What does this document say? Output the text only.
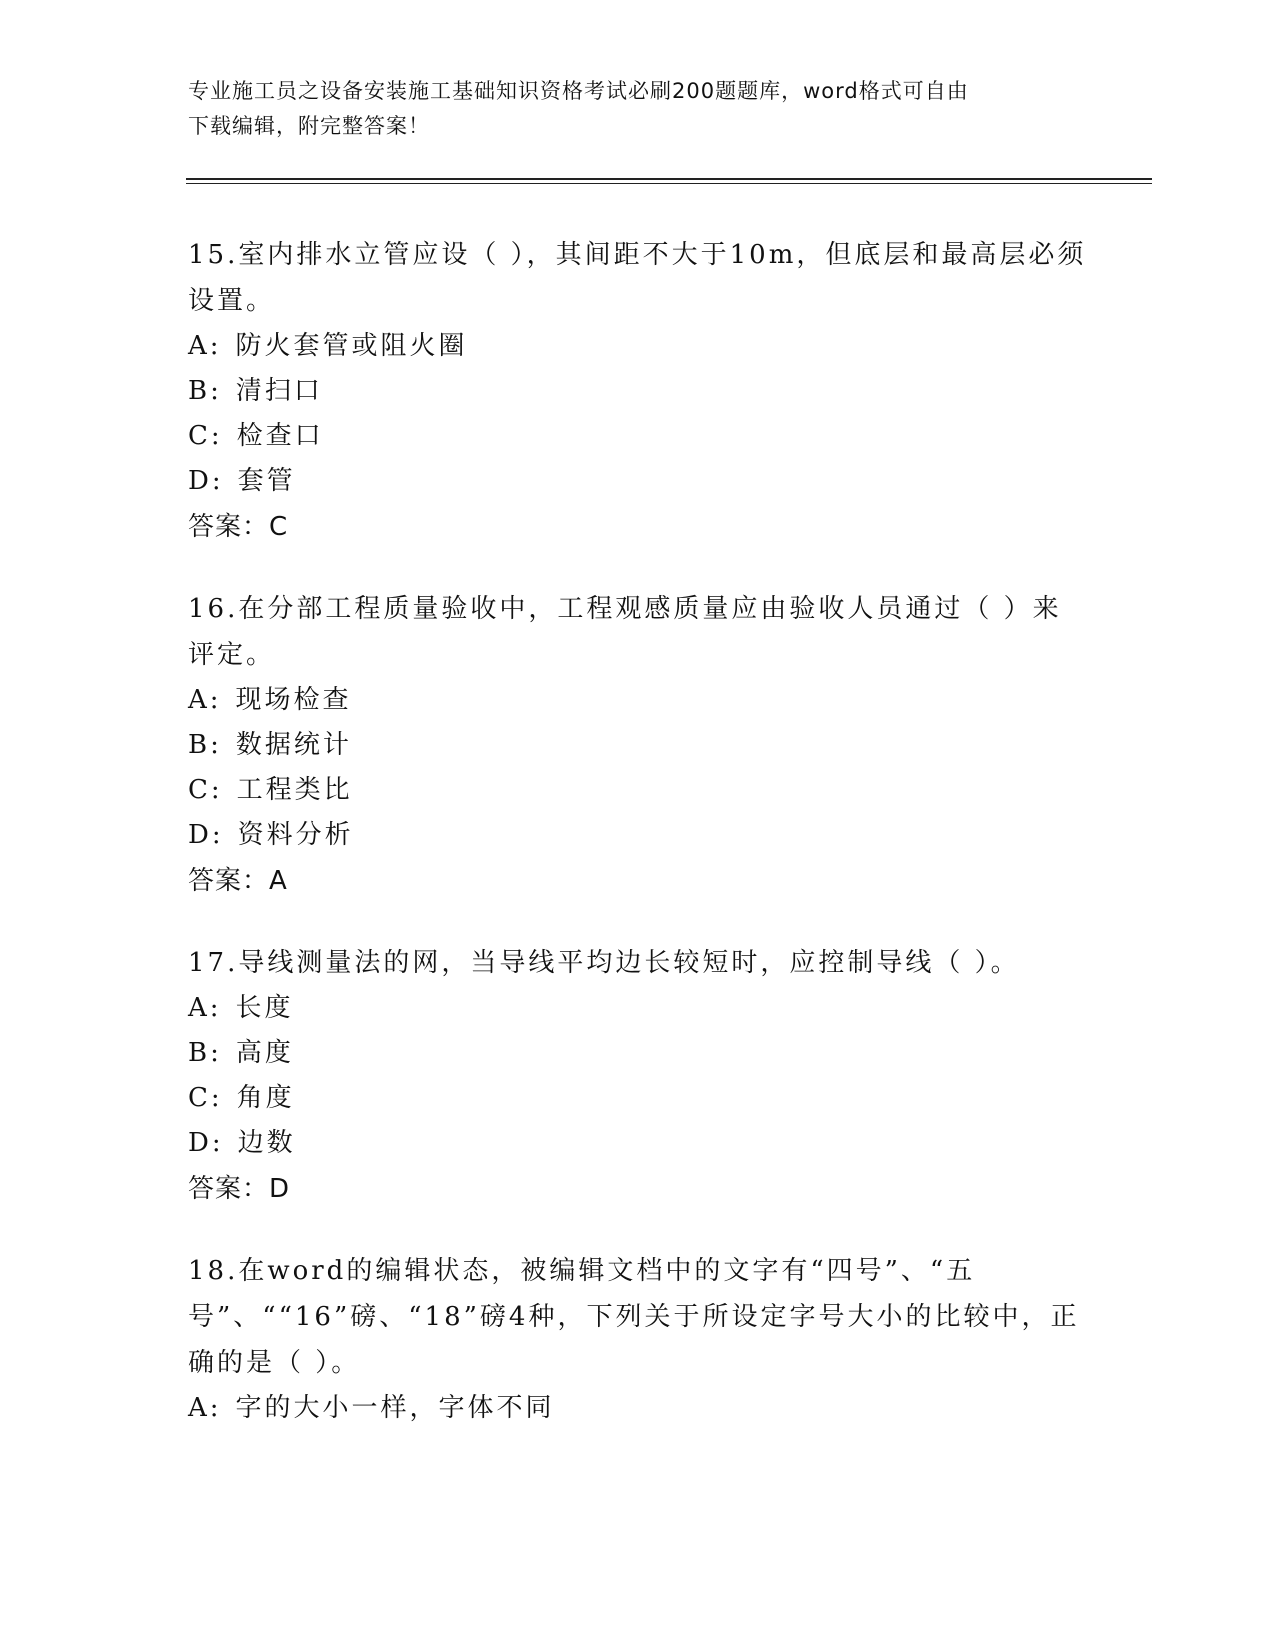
专业施工员之设备安装施工基础知识资格考试必刷200题题库，word格式可自由
下载编辑，附完整答案！
15.室内排水立管应设（ ），其间距不大于10m，但底层和最高层必须设置。
A: 防火套管或阻火圈
B: 清扫口
C: 检查口
D: 套管
答案：C
16.在分部工程质量验收中，工程观感质量应由验收人员通过（ ）来评定。
A: 现场检查
B: 数据统计
C: 工程类比
D: 资料分析
答案：A
17.导线测量法的网，当导线平均边长较短时，应控制导线（ ）。
A: 长度
B: 高度
C: 角度
D: 边数
答案：D
18.在word的编辑状态，被编辑文档中的文字有“四号”、“五号”、““16”磅、“18”磅4种，下列关于所设定字号大小的比较中，正确的是（ ）。
A: 字的大小一样，字体不同
